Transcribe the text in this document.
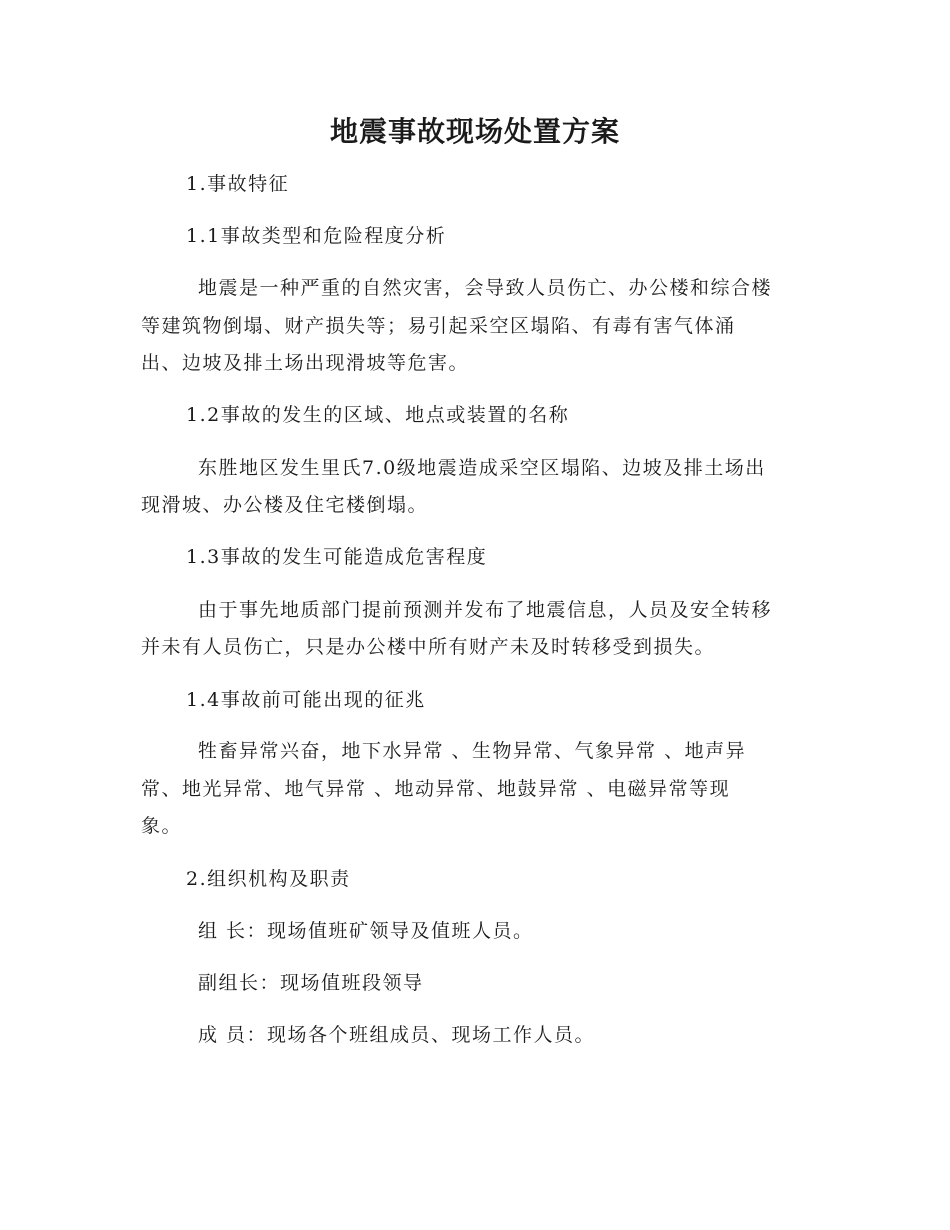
地震事故现场处置方案
1.事故特征
1.1事故类型和危险程度分析
地震是一种严重的自然灾害，会导致人员伤亡、办公楼和综合楼
等建筑物倒塌、财产损失等；易引起采空区塌陷、有毒有害气体涌
出、边坡及排土场出现滑坡等危害。
1.2事故的发生的区域、地点或装置的名称
东胜地区发生里氏7.0级地震造成采空区塌陷、边坡及排土场出
现滑坡、办公楼及住宅楼倒塌。
1.3事故的发生可能造成危害程度
由于事先地质部门提前预测并发布了地震信息，人员及安全转移
并未有人员伤亡，只是办公楼中所有财产未及时转移受到损失。
1.4事故前可能出现的征兆
牲畜异常兴奋，地下水异常 、生物异常、气象异常 、地声异
常、地光异常、地气异常 、地动异常、地鼓异常 、电磁异常等现
象。
2.组织机构及职责
组 长：现场值班矿领导及值班人员。
副组长：现场值班段领导
成 员：现场各个班组成员、现场工作人员。
